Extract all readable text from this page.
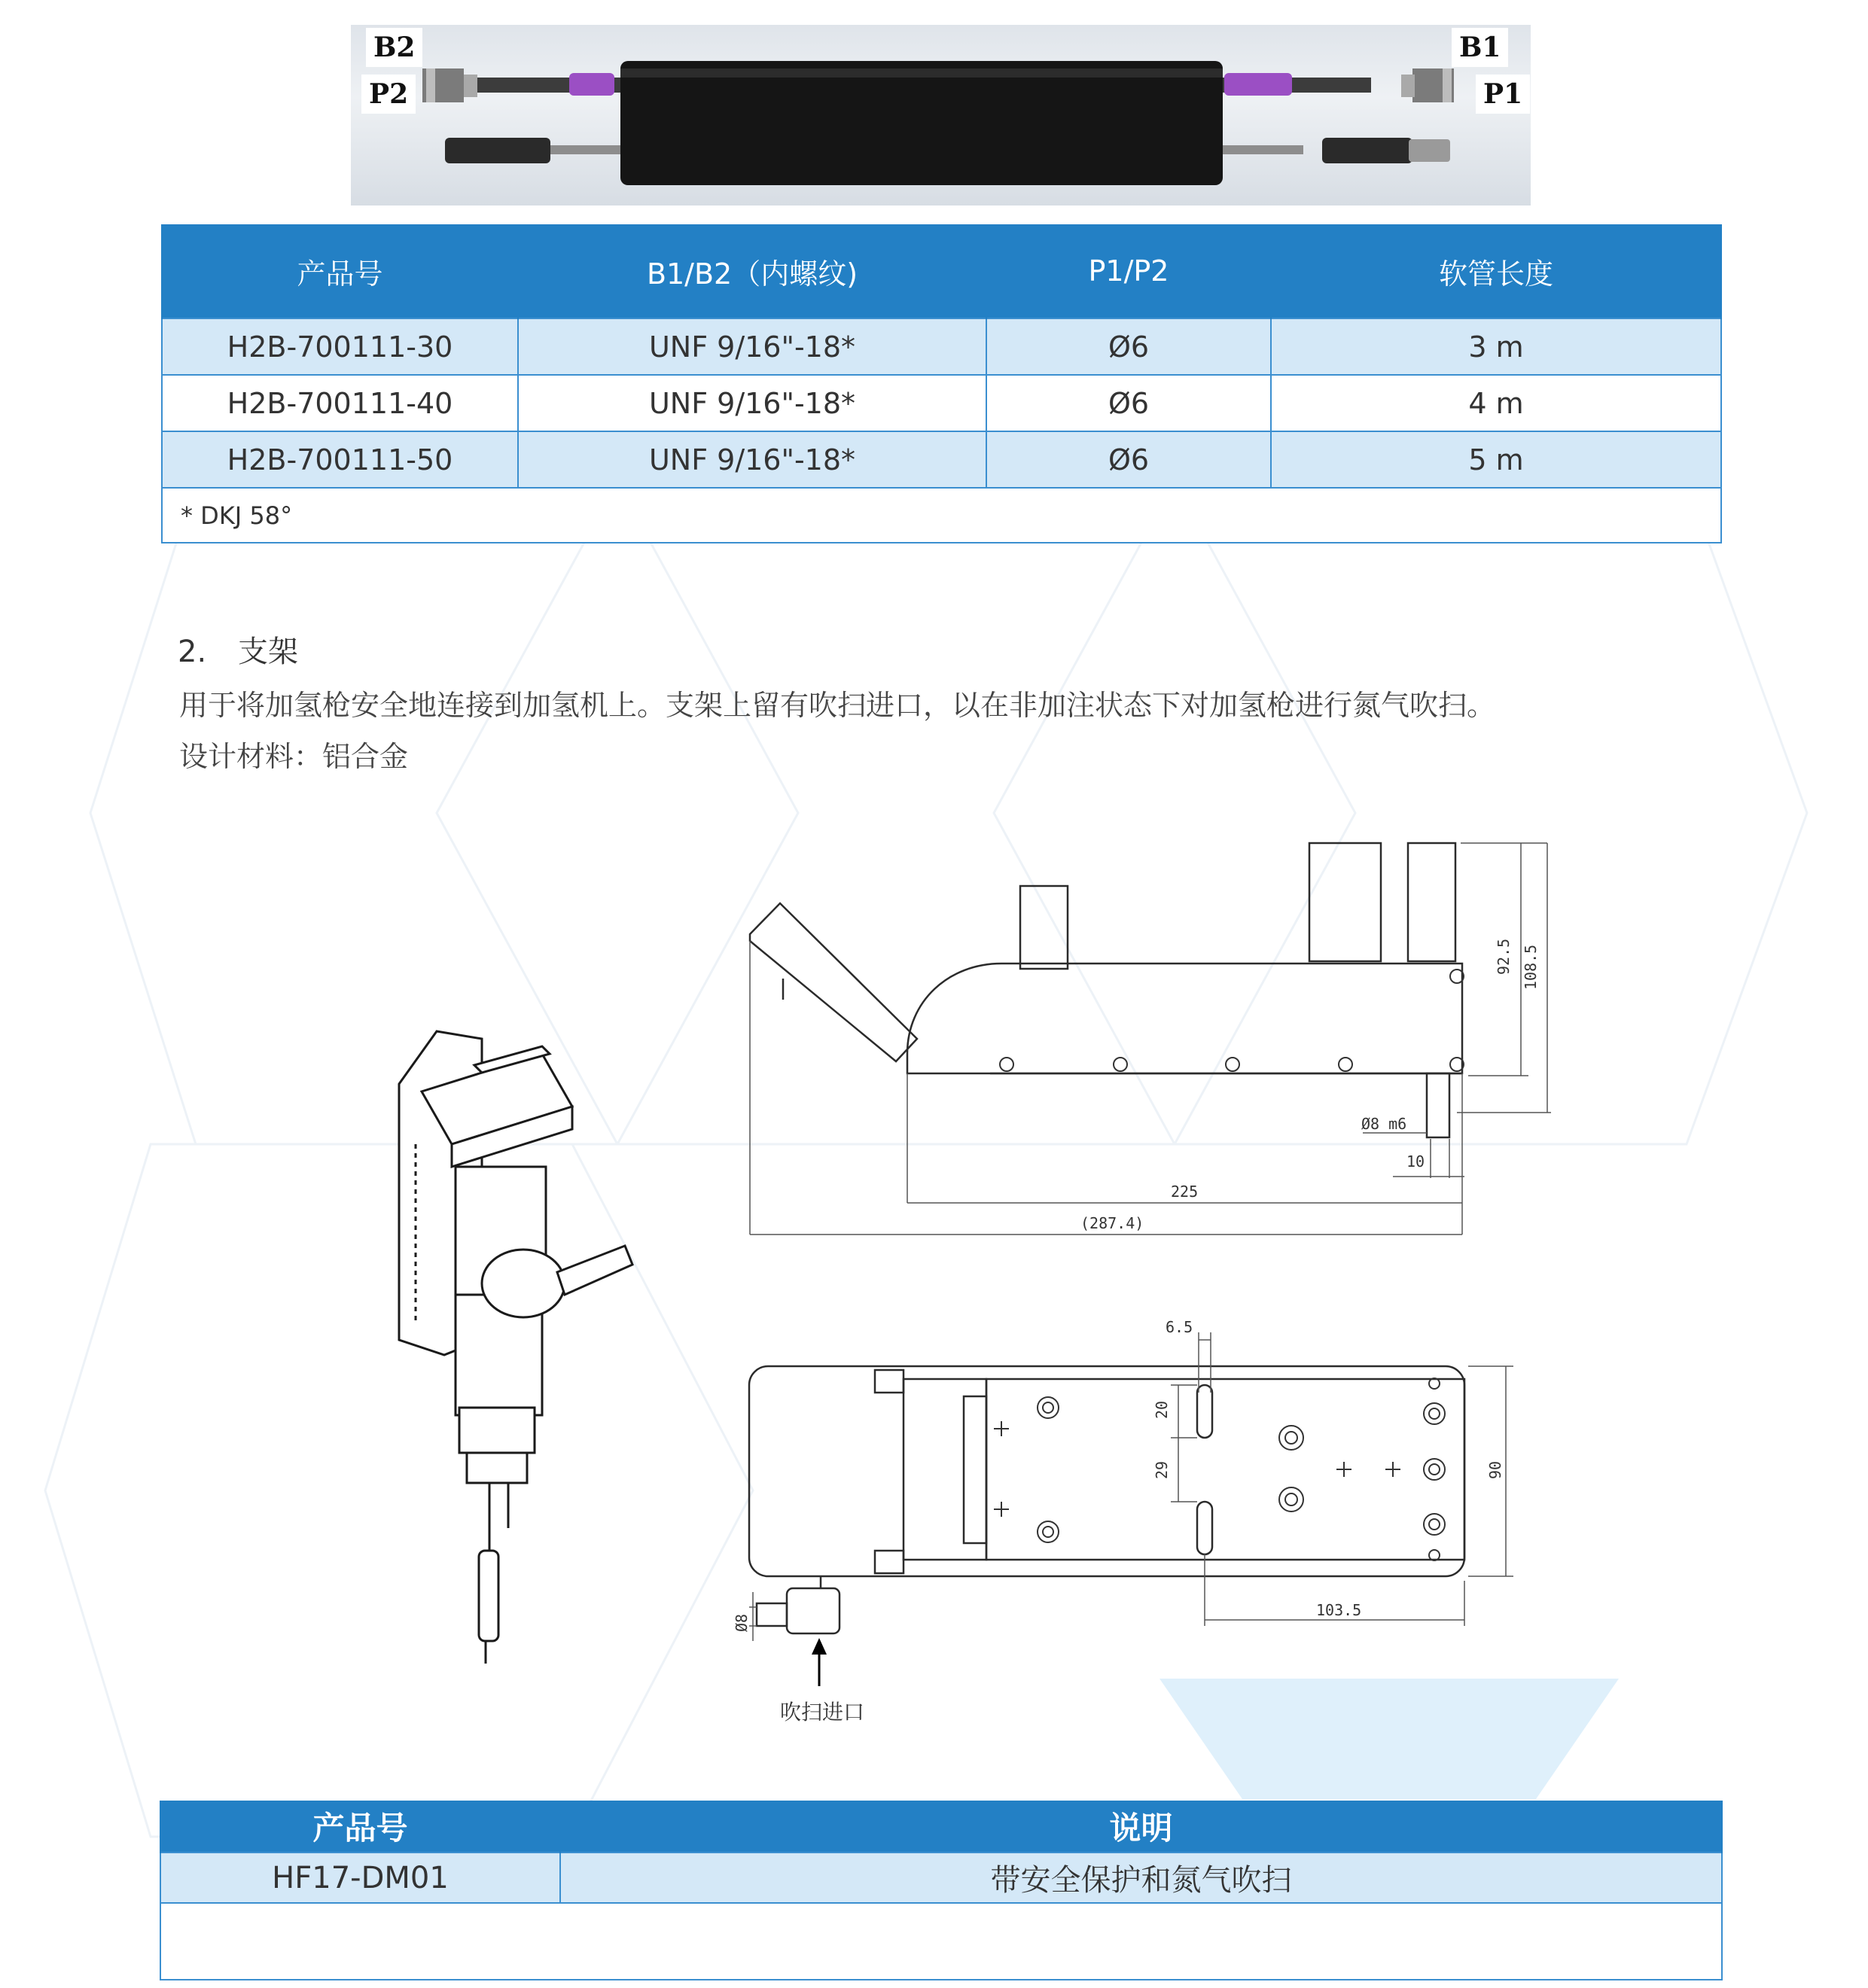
B2
P2
B1
P1
产品号	B1/B2（内螺纹)	P1/P2	软管长度
H2B-700111-30	UNF 9/16"-18*	Ø6	3 m
H2B-700111-40	UNF 9/16"-18*	Ø6	4 m
H2B-700111-50	UNF 9/16"-18*	Ø6	5 m
* DKJ 58°			
2. 支架
用于将加氢枪安全地连接到加氢机上。支架上留有吹扫进口，以在非加注状态下对加氢枪进行氮气吹扫。
设计材料：铝合金
92.5 108.5
Ø8 m6
10
225
(287.4)
6.5
20
29	90
103.5
Ø8
吹扫进口
产品号	说明
HF17-DM01	带安全保护和氮气吹扫
